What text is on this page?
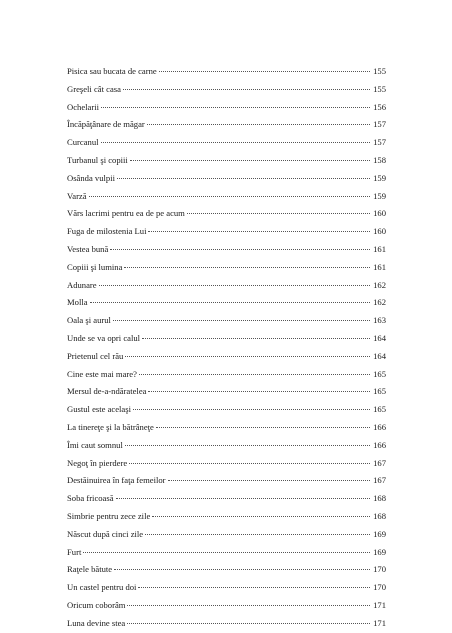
Pisica sau bucata de carne	155
Greşeli cât casa	155
Ochelarii	156
Încăpăţânare de măgar	157
Curcanul	157
Turbanul şi copiii	158
Osânda vulpii	159
Varză	159
Vărs lacrimi pentru ea de pe acum	160
Fuga de milostenia Lui	160
Vestea bună	161
Copiii şi lumina	161
Adunare	162
Molla	162
Oala şi aurul	163
Unde se va opri calul	164
Prietenul cel rău	164
Cine este mai mare?	165
Mersul de-a-ndăratelea	165
Gustul este acelaşi	165
La tinereţe şi la bătrâneţe	166
Îmi caut somnul	166
Negoţ în pierdere	167
Destăinuirea în faţa femeilor	167
Soba fricoasă	168
Simbrie pentru zece zile	168
Născut după cinci zile	169
Furt	169
Raţele bătute	170
Un castel pentru doi	170
Oricum coborâm	171
Luna devine stea	171
